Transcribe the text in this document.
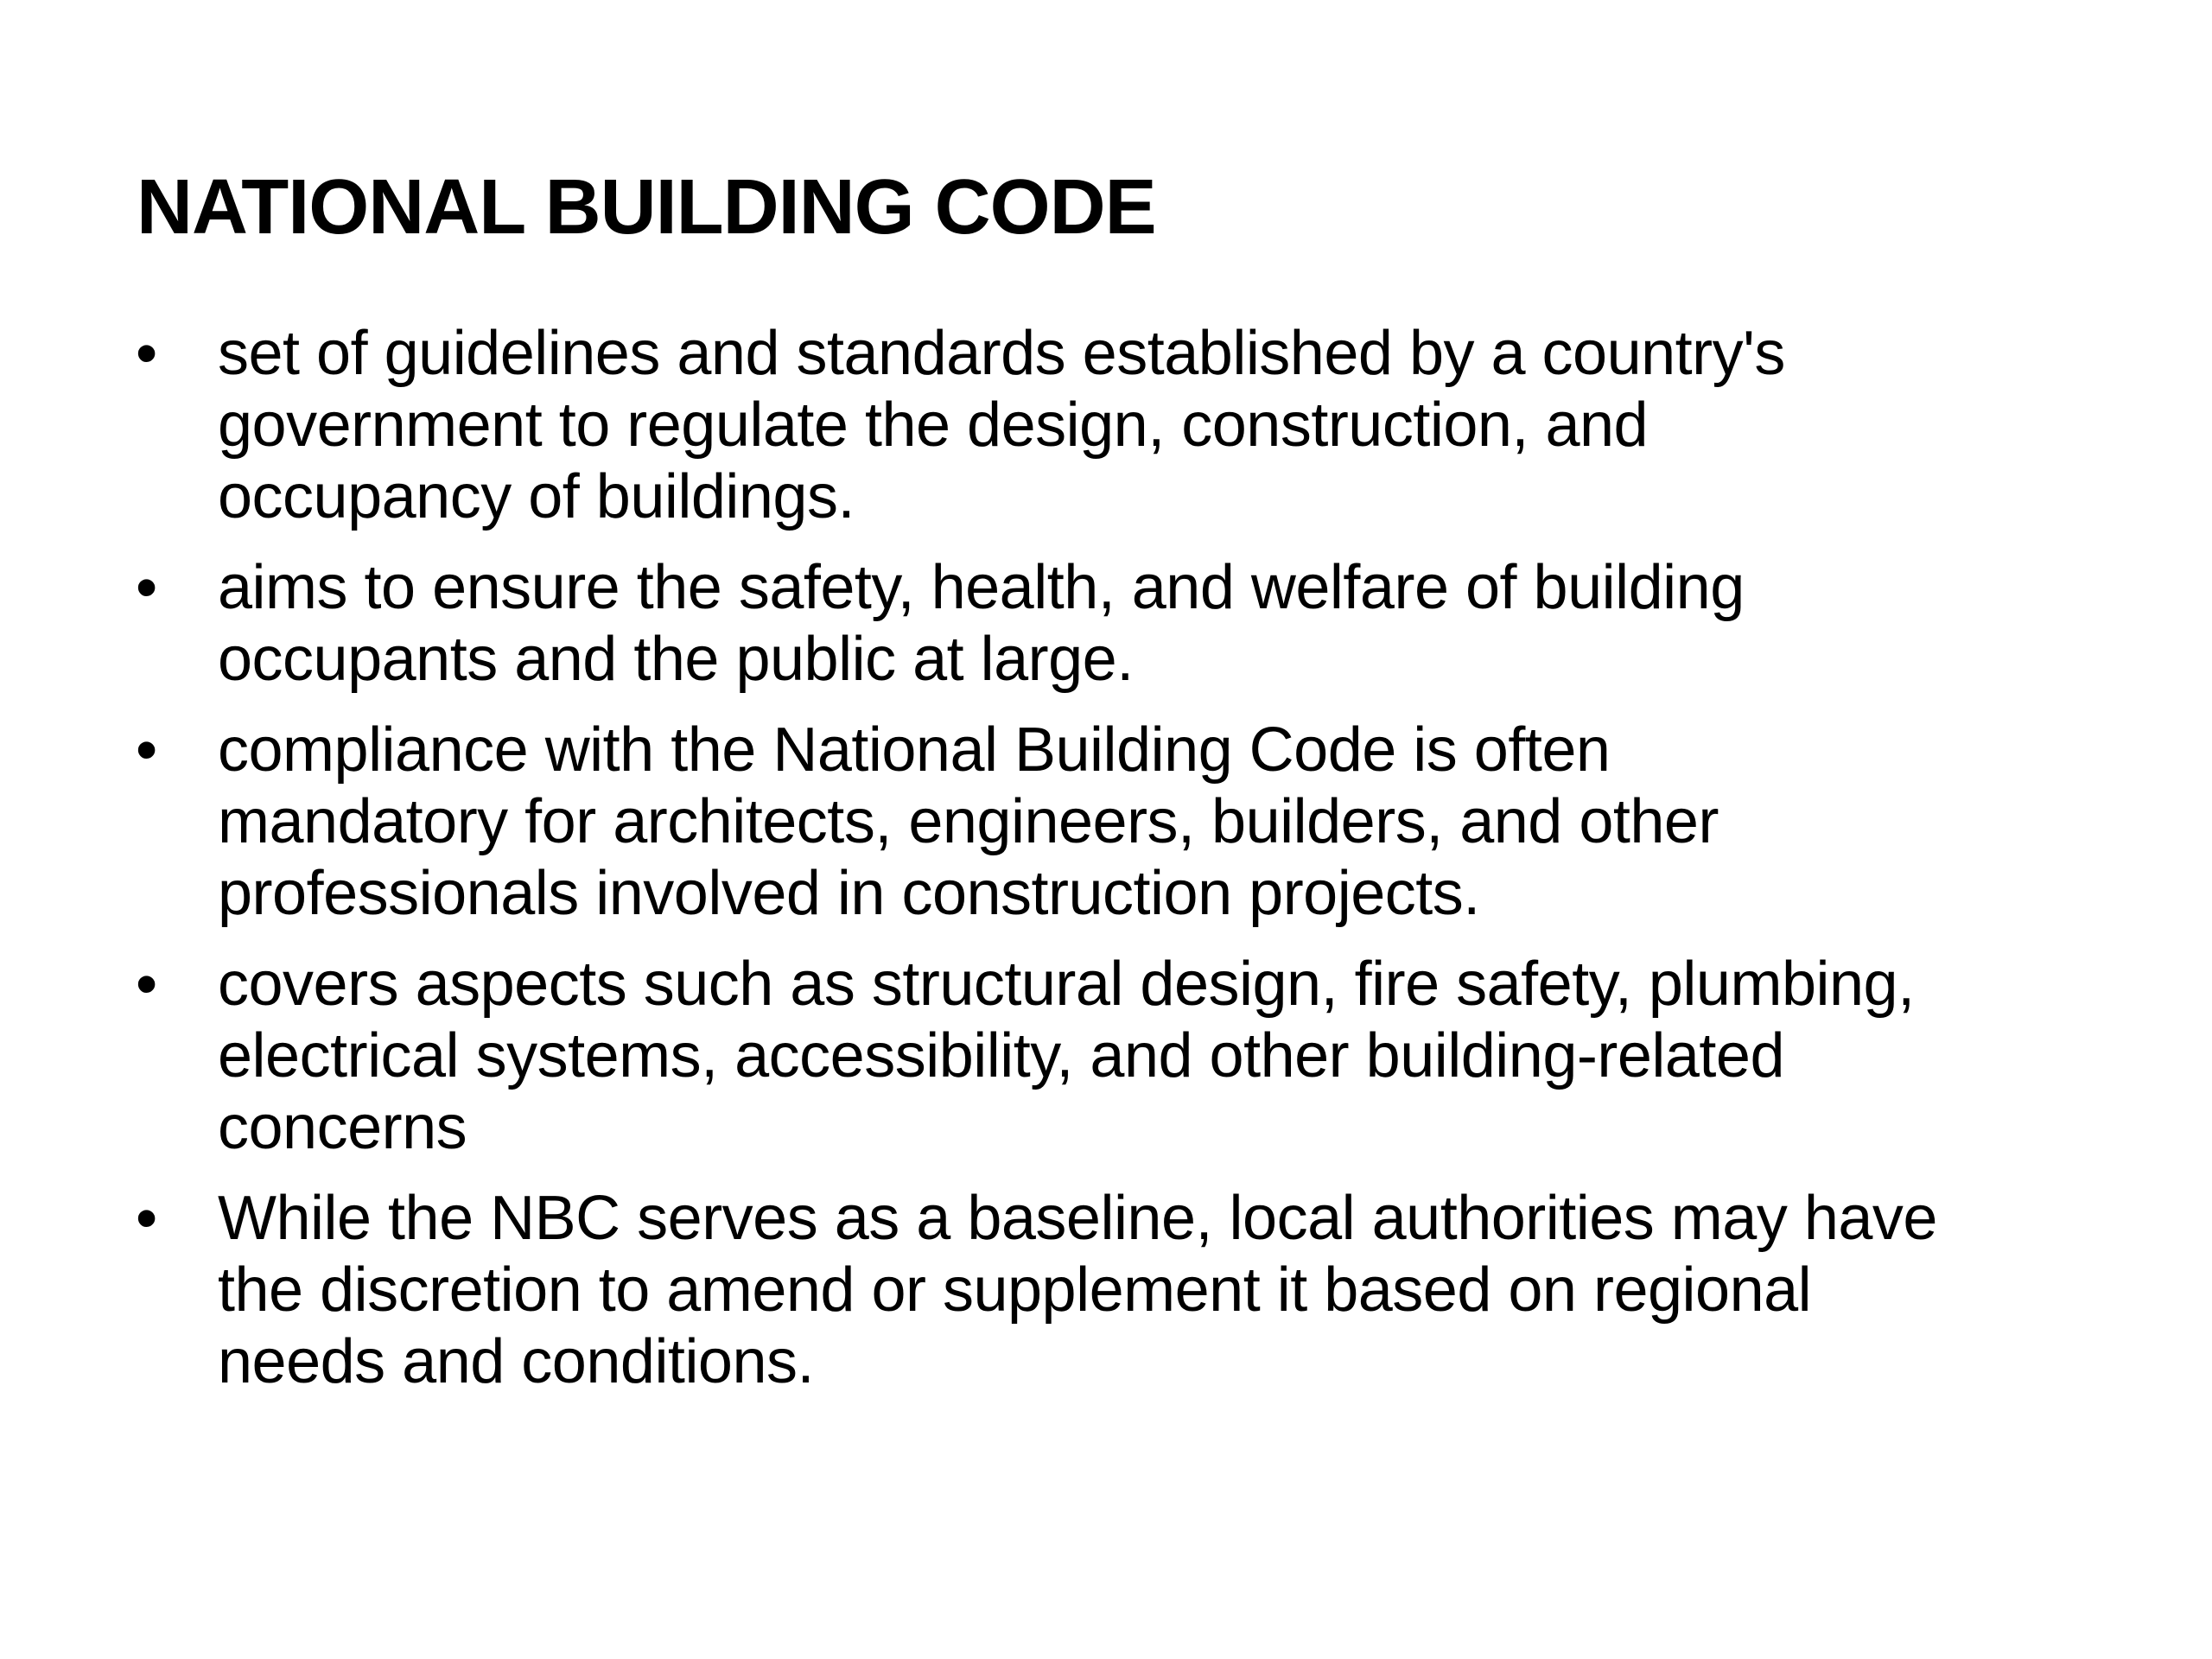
NATIONAL BUILDING CODE
• set of guidelines and standards established by a country's
government to regulate the design, construction, and
occupancy of buildings.
• aims to ensure the safety, health, and welfare of building
occupants and the public at large.
• compliance with the National Building Code is often
mandatory for architects, engineers, builders, and other
professionals involved in construction projects.
• covers aspects such as structural design, fire safety, plumbing,
electrical systems, accessibility, and other building-related
concerns
• While the NBC serves as a baseline, local authorities may have
the discretion to amend or supplement it based on regional
needs and conditions.
